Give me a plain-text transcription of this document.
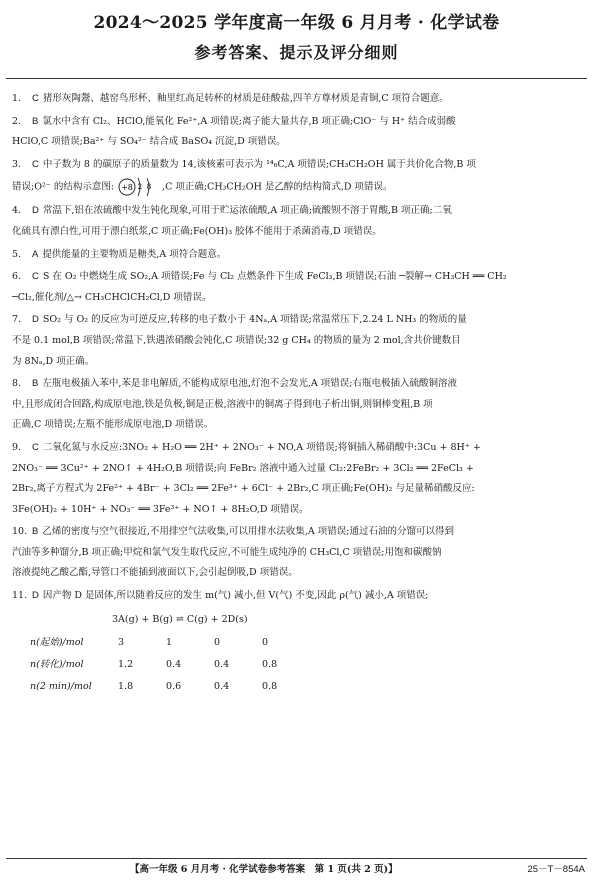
2024～2025 学年度高一年级 6 月月考 · 化学试卷
参考答案、提示及评分细则
1. C 猪形灰陶鬶、越窑鸟形杯、釉里红高足转杯的材质是硅酸盐,四羊方尊材质是青铜,C 项符合题意。
2. B 氯水中含有 Cl₂、HClO,能氧化 Fe²⁺,A 项错误;离子能大量共存,B 项正确;ClO⁻ 与 H⁺ 结合成弱酸
HClO,C 项错误;Ba²⁺ 与 SO₄²⁻ 结合成 BaSO₄ 沉淀,D 项错误。
3. C 中子数为 8 的碳原子的质量数为 14,该核素可表示为 ¹⁴₆C,A 项错误;CH₃CH₂OH 属于共价化合物,B 项
错误;O²⁻ 的结构示意图: +8 2 8 ,C 项正确;CH₃CH₂OH 是乙醇的结构简式,D 项错误。
4. D 常温下,铝在浓硫酸中发生钝化现象,可用于贮运浓硫酸,A 项正确;硫酸钡不溶于胃酸,B 项正确;二氧
化硫具有漂白性,可用于漂白纸浆,C 项正确;Fe(OH)₃ 胶体不能用于杀菌消毒,D 项错误。
5. A 提供能量的主要物质是糖类,A 项符合题意。
6. C S 在 O₂ 中燃烧生成 SO₂,A 项错误;Fe 与 Cl₂ 点燃条件下生成 FeCl₃,B 项错误;石油 ─裂解→ CH₃CH ══ CH₂
─Cl₂,催化剂/△→ CH₃CHClCH₂Cl,D 项错误。
7. D SO₂ 与 O₂ 的反应为可逆反应,转移的电子数小于 4Nₐ,A 项错误;常温常压下,2.24 L NH₃ 的物质的量
不是 0.1 mol,B 项错误;常温下,铁遇浓硝酸会钝化,C 项错误;32 g CH₄ 的物质的量为 2 mol,含共价键数目
为 8Nₐ,D 项正确。
8. B 左瓶电极插入苯中,苯是非电解质,不能构成原电池,灯泡不会发光,A 项错误;右瓶电极插入硫酸铜溶液
中,且形成闭合回路,构成原电池,铁是负极,铜是正极,溶液中的铜离子得到电子析出铜,则铜棒变粗,B 项
正确,C 项错误;左瓶不能形成原电池,D 项错误。
9. C 二氧化氮与水反应:3NO₂ + H₂O ══ 2H⁺ + 2NO₃⁻ + NO,A 项错误;将铜插入稀硝酸中:3Cu + 8H⁺ +
2NO₃⁻ ══ 3Cu²⁺ + 2NO↑ + 4H₂O,B 项错误;向 FeBr₂ 溶液中通入过量 Cl₂:2FeBr₂ + 3Cl₂ ══ 2FeCl₃ +
2Br₂,离子方程式为 2Fe²⁺ + 4Br⁻ + 3Cl₂ ══ 2Fe³⁺ + 6Cl⁻ + 2Br₂,C 项正确;Fe(OH)₂ 与足量稀硝酸反应:
3Fe(OH)₂ + 10H⁺ + NO₃⁻ ══ 3Fe³⁺ + NO↑ + 8H₂O,D 项错误。
10. B 乙烯的密度与空气很接近,不用排空气法收集,可以用排水法收集,A 项错误;通过石油的分馏可以得到
汽油等多种馏分,B 项正确;甲烷和氯气发生取代反应,不可能生成纯净的 CH₃Cl,C 项错误;用饱和碳酸钠
溶液提纯乙酸乙酯,导管口不能插到液面以下,会引起倒吸,D 项错误。
11. D 因产物 D 是固体,所以随着反应的发生 m(气) 减小,但 V(气) 不变,因此 ρ(气) 减小,A 项错误;
3A(g) + B(g) ⇌ C(g) + 2D(s)
n(起始)/mol	3	1	0	0
n(转化)/mol	1.2	0.4	0.4	0.8
n(2 min)/mol	1.8	0.6	0.4	0.8
【高一年级 6 月月考 · 化学试卷参考答案　第 1 页(共 2 页)】	25－T－854A
